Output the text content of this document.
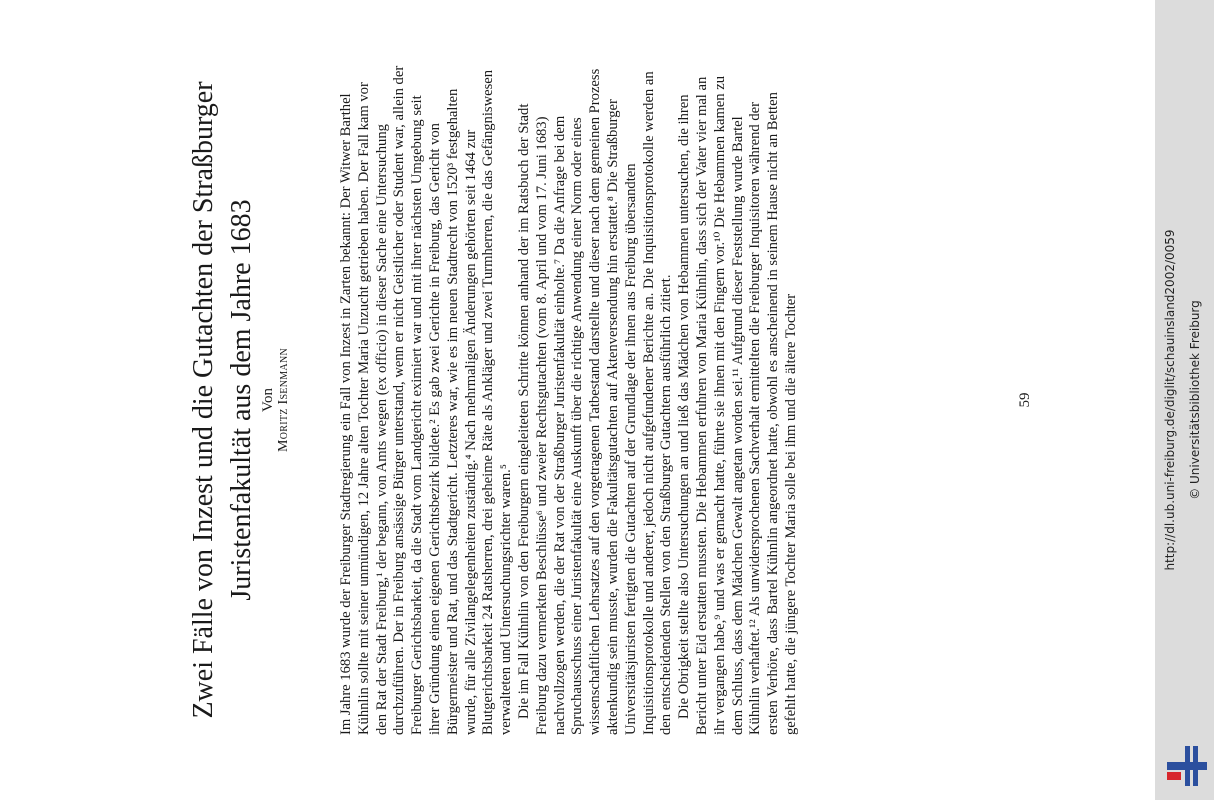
Zwei Fälle von Inzest und die Gutachten der Straßburger Juristenfakultät aus dem Jahre 1683 Von Moritz Isenmann	Im Jahre 1683 wurde der Freiburger Stadtregierung ein Fall von Inzest in Zarten bekannt: Der Witwer Barthel Kühnlin sollte mit seiner unmündigen, 12 Jahre alten Tochter Maria Unzucht getrieben haben. Der Fall kam vor den Rat der Stadt Freiburg,¹ der begann, von Amts wegen (ex officio) in dieser Sache eine Untersuchung durchzuführen. Der in Freiburg ansässige Bürger unterstand, wenn er nicht Geistlicher oder Student war, allein der Freiburger Gerichtsbarkeit, da die Stadt vom Landgericht eximiert war und mit ihrer nächsten Umgebung seit ihrer Gründung einen eigenen Gerichtsbezirk bildete.² Es gab zwei Gerichte in Freiburg, das Gericht von Bürgermeister und Rat, und das Stadtgericht. Letzteres war, wie es im neuen Stadtrecht von 1520³ festgehalten wurde, für alle Zivilangelegenheiten zuständig.⁴ Nach mehrmaligen Änderungen gehörten seit 1464 zur Blutgerichtsbarkeit 24 Ratsherren, drei geheime Räte als Ankläger und zwei Turmherren, die das Gefängniswesen verwalteten und Untersuchungsrichter waren.⁵ Die im Fall Kühnlin von den Freiburgern eingeleiteten Schritte können anhand der im Ratsbuch der Stadt Freiburg dazu vermerkten Beschlüsse⁶ und zweier Rechtsgutachten (vom 8. April und vom 17. Juni 1683) nachvollzogen werden, die der Rat von der Straßburger Juristenfakultät einholte.⁷ Da die Anfrage bei dem Spruchausschuss einer Juristenfakultät eine Auskunft über die richtige Anwendung einer Norm oder eines wissenschaftlichen Lehrsatzes auf den vorgetragenen Tatbestand darstellte und dieser nach dem gemeinen Prozess aktenkundig sein musste, wurden die Fakultätsgutachten auf Aktenversendung hin erstattet.⁸ Die Straßburger Universitätsjuristen fertigten die Gutachten auf der Grundlage der ihnen aus Freiburg übersandten Inquisitionsprotokolle und anderer, jedoch nicht aufgefundener Berichte an. Die Inquisitionsprotokolle werden an den entscheidenden Stellen von den Straßburger Gutachtern ausführlich zitiert. Die Obrigkeit stellte also Untersuchungen an und ließ das Mädchen von Hebammen untersuchen, die ihren Bericht unter Eid erstatten mussten. Die Hebammen erfuhren von Maria Kühnlin, dass sich der Vater vier mal an ihr vergangen habe,⁹ und was er gemacht hatte, führte sie ihnen mit den Fingern vor.¹⁰ Die Hebammen kamen zu dem Schluss, dass dem Mädchen Gewalt angetan worden sei.¹¹ Aufgrund dieser Feststellung wurde Bartel Kühnlin verhaftet.¹² Als unwidersprochenen Sachverhalt ermittelten die Freiburger Inquisitoren während der ersten Verhöre, dass Bartel Kühnlin angeordnet hatte, obwohl es anscheinend in seinem Hause nicht an Betten gefehlt hatte, die jüngere Tochter Maria solle bei ihm und die ältere Tochter	59	http://dl.ub.uni-freiburg.de/diglit/schauinsland2002/0059 © Universitätsbibliothek Freiburg
